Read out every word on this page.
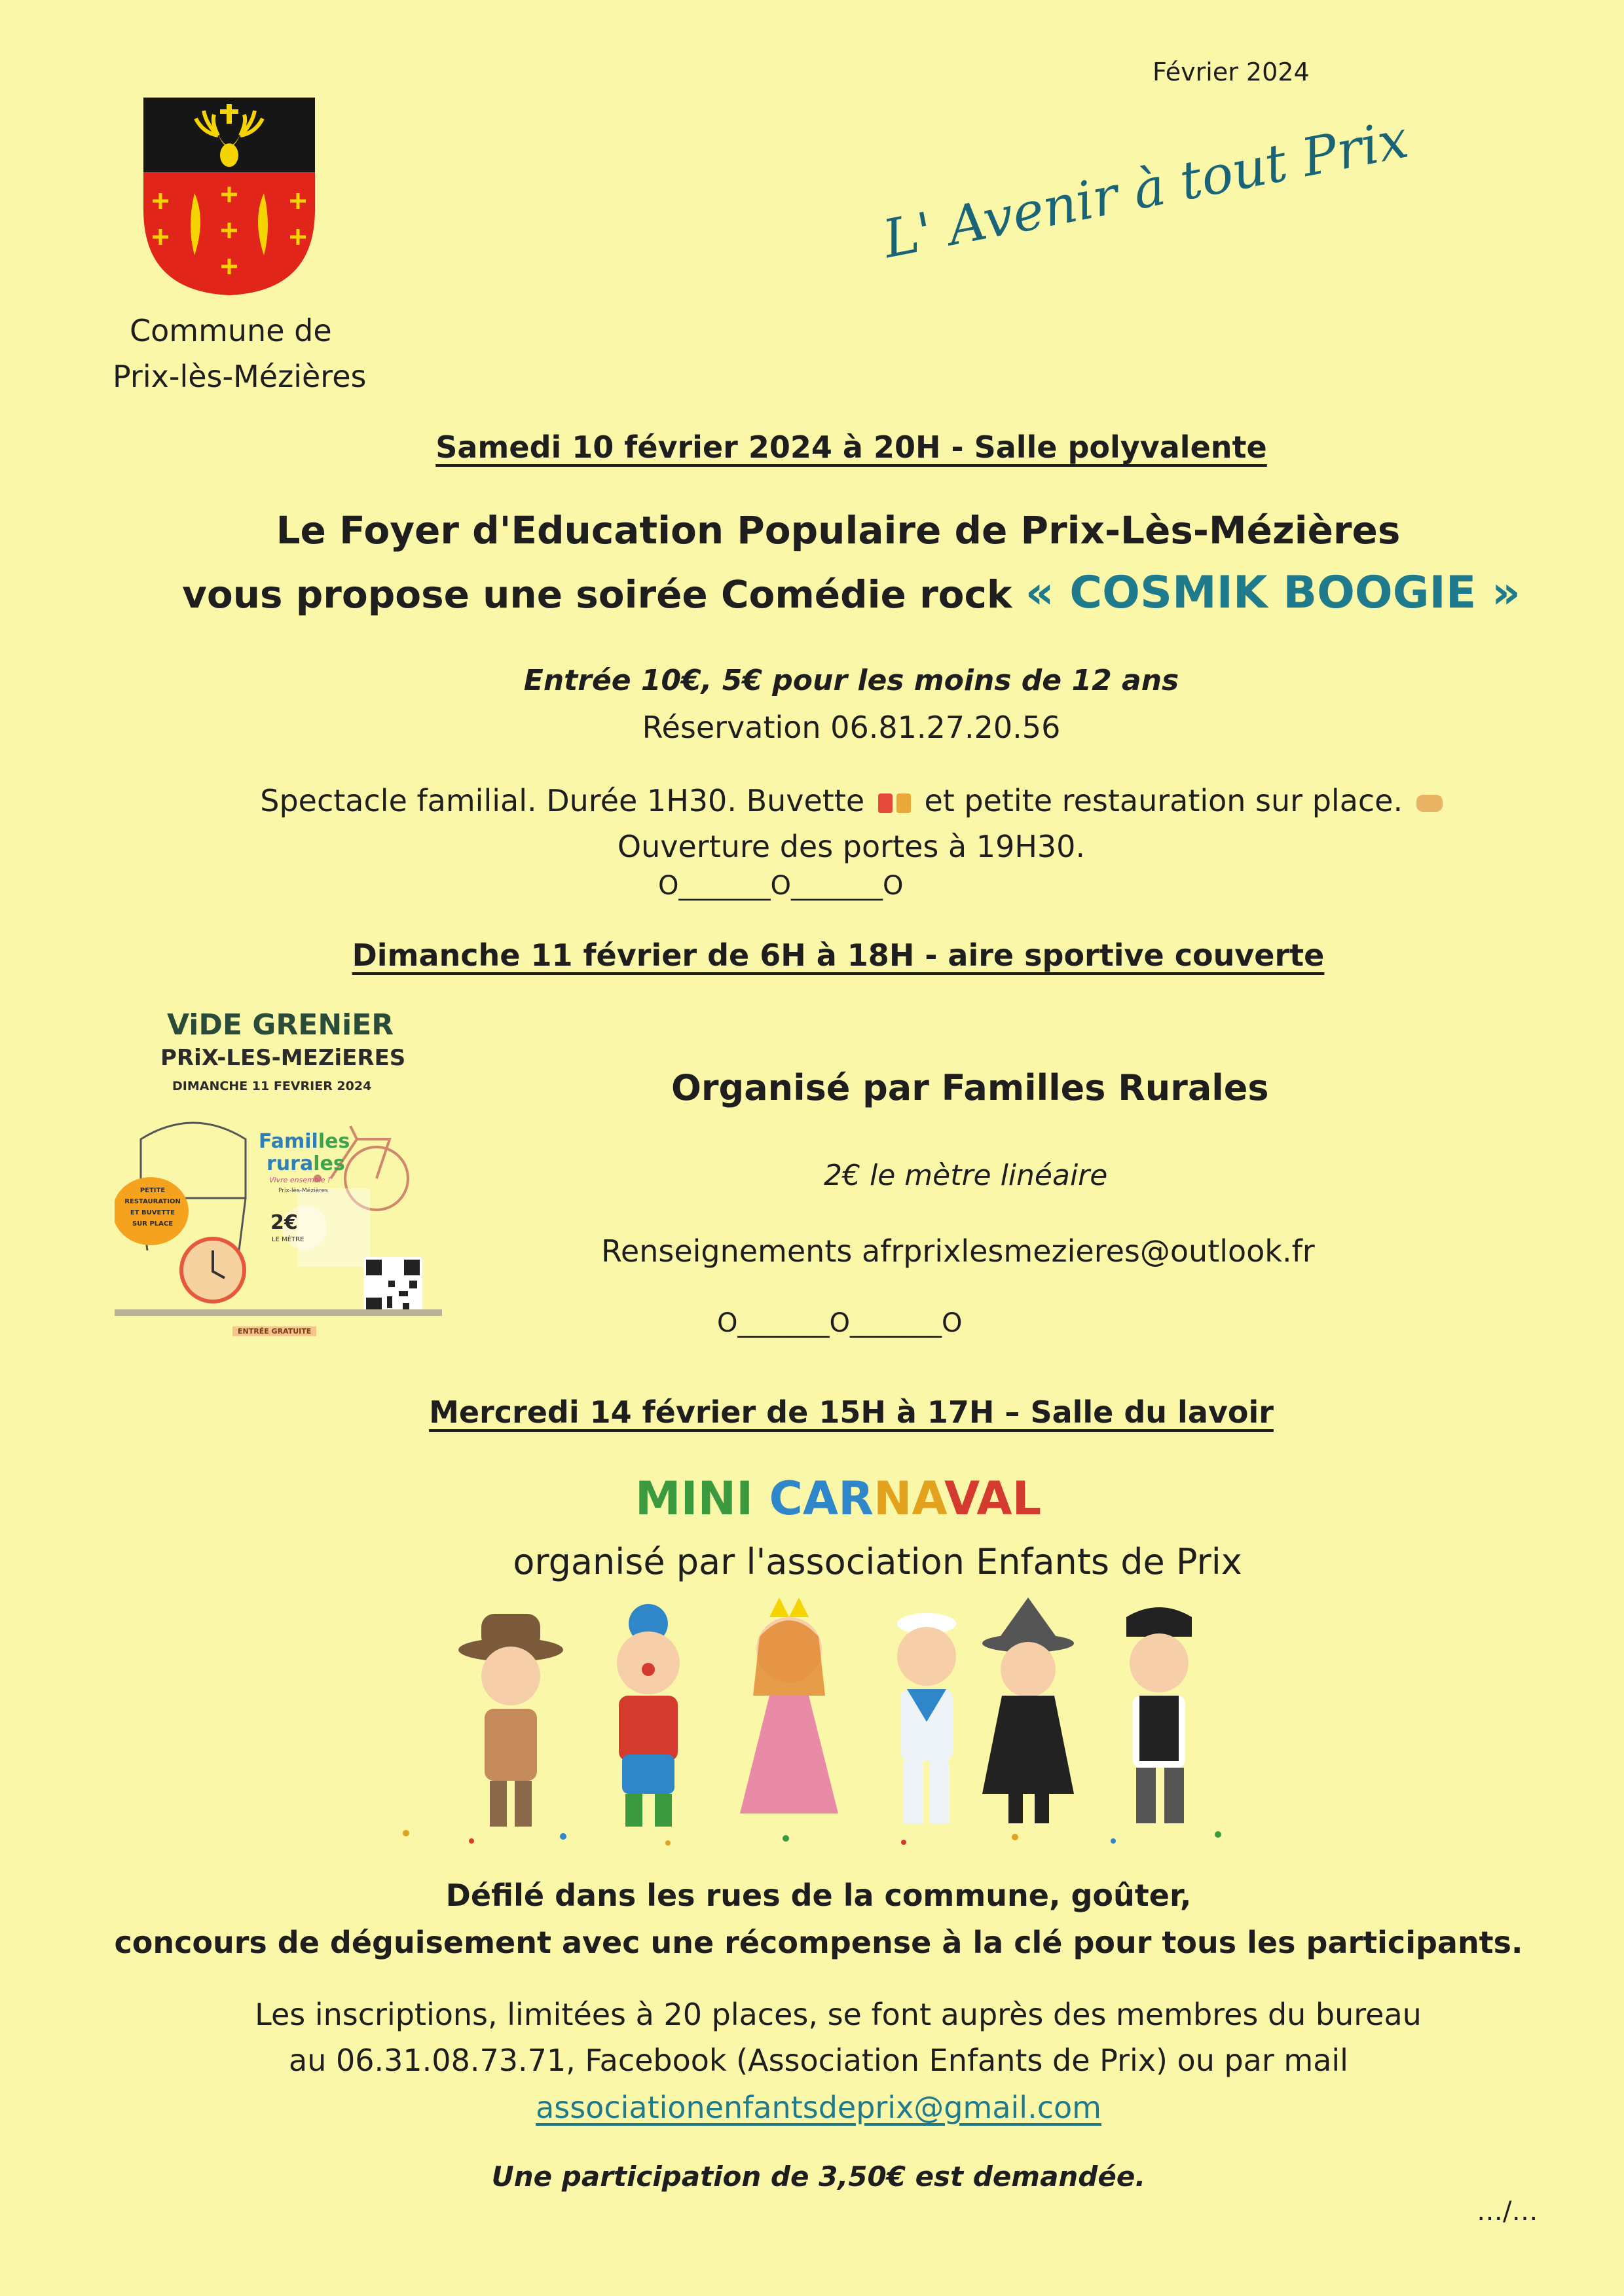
Février 2024
Commune de
Prix-lès-Mézières
L' Avenir à tout Prix
Samedi 10 février 2024 à 20H - Salle polyvalente
Le Foyer d'Education Populaire de Prix-Lès-Mézières
vous propose une soirée Comédie rock « COSMIK BOOGIE »
Entrée 10€, 5€ pour les moins de 12 ans
Réservation 06.81.27.20.56
Spectacle familial. Durée 1H30. Buvette et petite restauration sur place.
Ouverture des portes à 19H30.
O_______O_______O
Dimanche 11 février de 6H à 18H - aire sportive couverte
ViDE GRENiER
PRiX-LES-MEZiERES
DIMANCHE 11 FEVRIER 2024
Familles
rurales
Vivre ensemble !
Prix-lès-Mézières
PETITE
RESTAURATION
ET BUVETTE
SUR PLACE	2€
LE MÈTRE
ENTRÉE GRATUITE
Organisé par Familles Rurales
2€ le mètre linéaire
Renseignements afrprixlesmezieres@outlook.fr
O_______O_______O
Mercredi 14 février de 15H à 17H – Salle du lavoir
MINI CARNAVAL
organisé par l'association Enfants de Prix
Défilé dans les rues de la commune, goûter,
concours de déguisement avec une récompense à la clé pour tous les participants.
Les inscriptions, limitées à 20 places, se font auprès des membres du bureau
au 06.31.08.73.71, Facebook (Association Enfants de Prix) ou par mail
associationenfantsdeprix@gmail.com
Une participation de 3,50€ est demandée.
…/…
